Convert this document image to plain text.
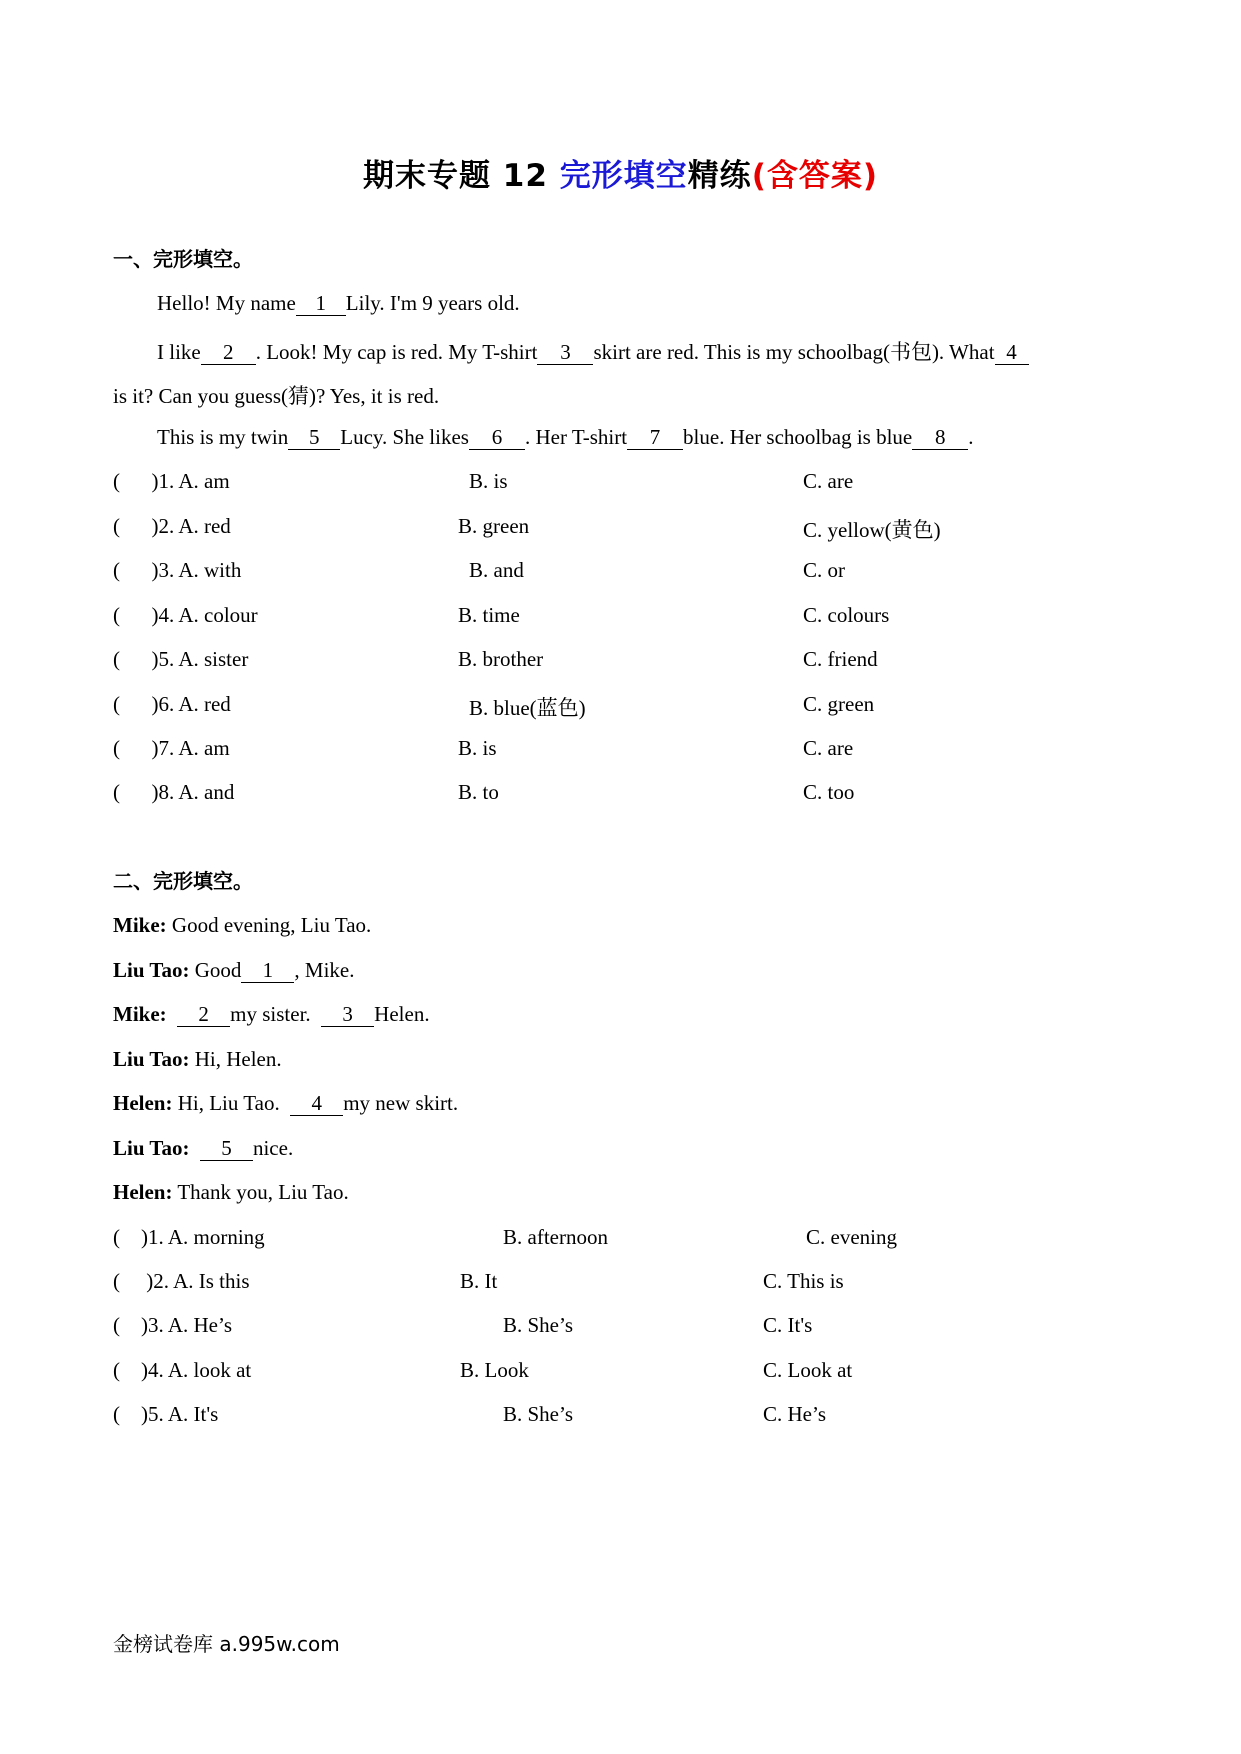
期末专题 12 完形填空精练(含答案)
一、完形填空。
Hello! My name 1 Lily. I'm 9 years old.
I like 2 . Look! My cap is red. My T-shirt 3 skirt are red. This is my schoolbag(书包). What 4
is it? Can you guess(猜)? Yes, it is red.
This is my twin 5 Lucy. She likes 6 . Her T-shirt 7 blue. Her schoolbag is blue 8 .
(      )1. A. am	B. is	C. are
(      )2. A. red	B. green	C. yellow(黄色)
(      )3. A. with	B. and	C. or
(      )4. A. colour	B. time	C. colours
(      )5. A. sister	B. brother	C. friend
(      )6. A. red	B. blue(蓝色)	C. green
(      )7. A. am	B. is	C. are
(      )8. A. and	B. to	C. too
二、完形填空。
Mike: Good evening, Liu Tao.
Liu Tao: Good 1 , Mike.
Mike: 2 my sister. 3 Helen.
Liu Tao: Hi, Helen.
Helen: Hi, Liu Tao. 4 my new skirt.
Liu Tao: 5 nice.
Helen: Thank you, Liu Tao.
(    )1. A. morning	B. afternoon	C. evening
(     )2. A. Is this	B. It	C. This is
(    )3. A. He’s	B. She’s	C. It's
(    )4. A. look at	B. Look	C. Look at
(    )5. A. It's	B. She’s	C. He’s
金榜试卷库 a.995w.com
